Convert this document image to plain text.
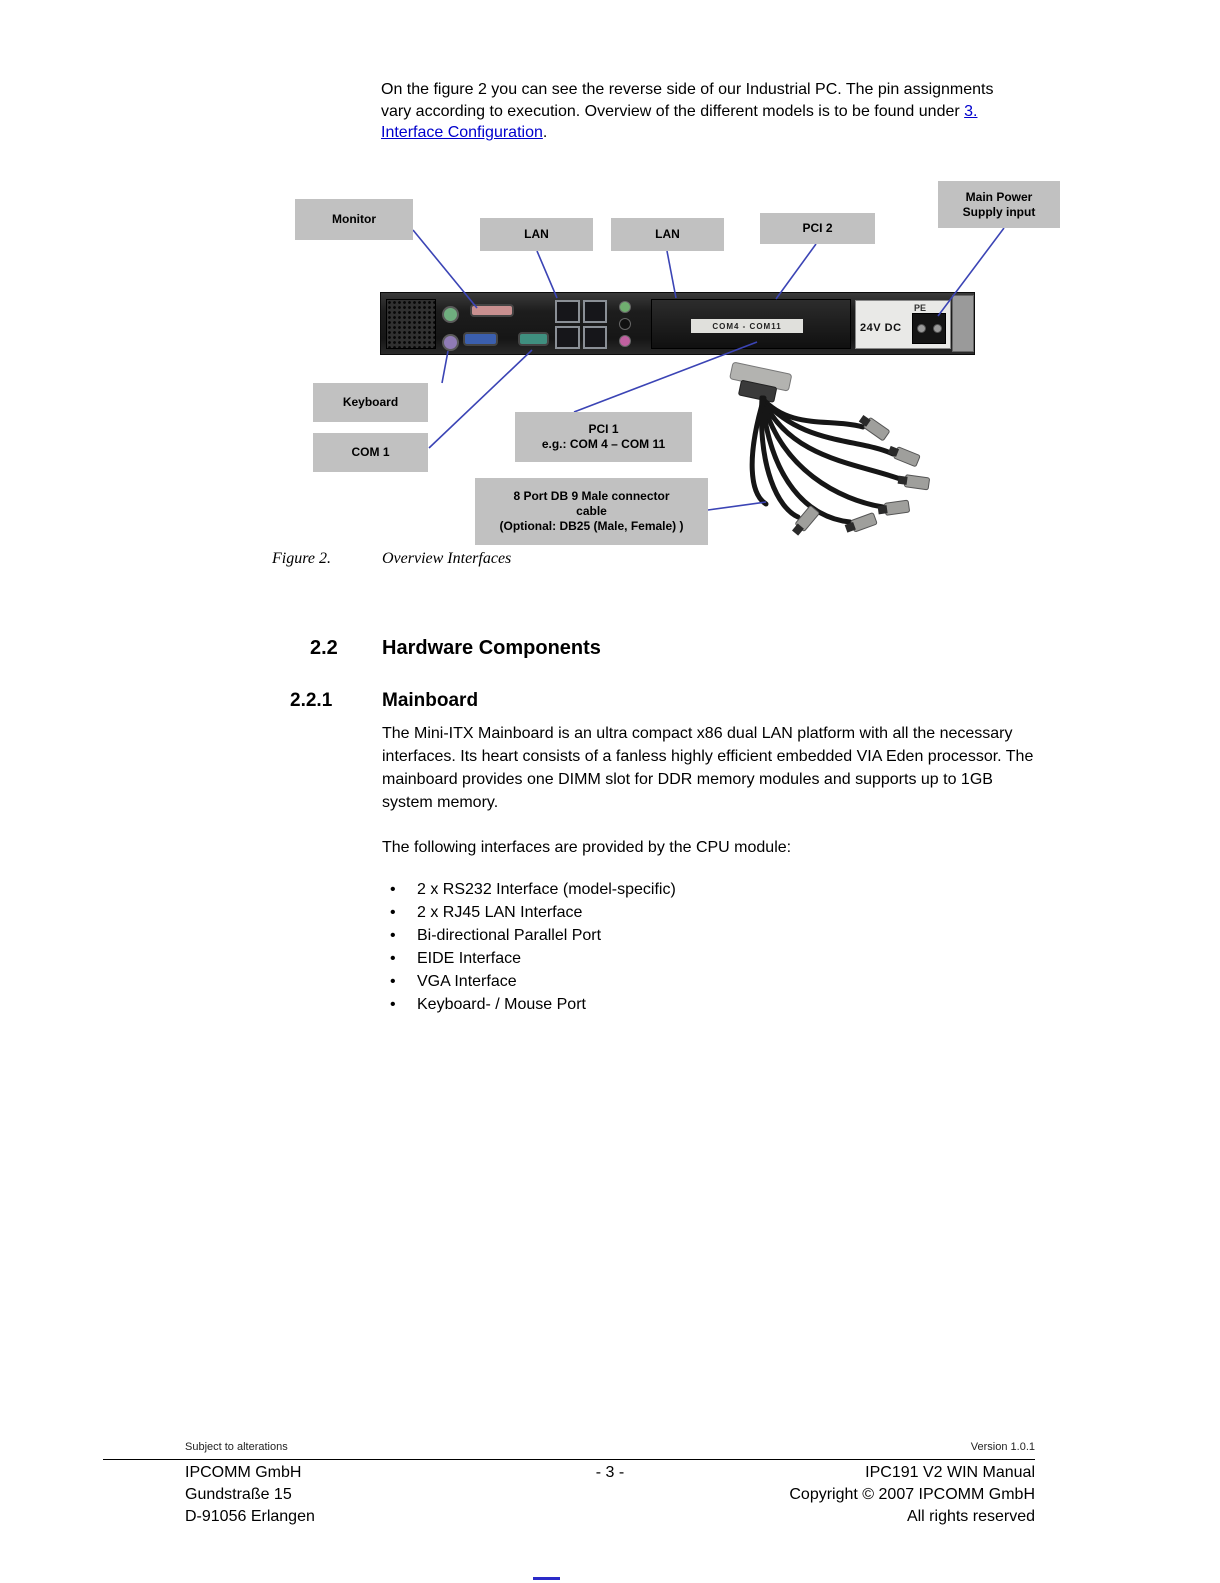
On the figure 2 you can see the reverse side of our Industrial PC. The pin assignments vary according to execution. Overview of the different models is to be found under 3. Interface Configuration.

COM4 - COM11
PE
24V DC
Monitor
LAN	LAN	PCI 2
Main Power
Supply input
Keyboard
COM 1
PCI 1
e.g.: COM 4 – COM 11
8 Port DB 9 Male connector
cable
(Optional: DB25 (Male, Female) )
Figure 2.	Overview Interfaces
2.2 Hardware Components
2.2.1	Mainboard

The Mini-ITX Mainboard is an ultra compact x86 dual LAN platform with all the necessary interfaces. Its heart consists of a fanless highly efficient embedded VIA Eden processor. The mainboard provides one DIMM slot for DDR memory modules and supports up to 1GB system memory.

The following interfaces are provided by the CPU module:

• 2 x RS232 Interface (model-specific)
• 2 x RJ45 LAN Interface
• Bi-directional Parallel Port
• EIDE Interface
• VGA Interface
• Keyboard- / Mouse Port
Subject to alterations	Version 1.0.1
IPCOMM GmbH	- 3 -	IPC191 V2 WIN Manual
Gundstraße 15	Copyright © 2007 IPCOMM GmbH
D-91056 Erlangen	All rights reserved
